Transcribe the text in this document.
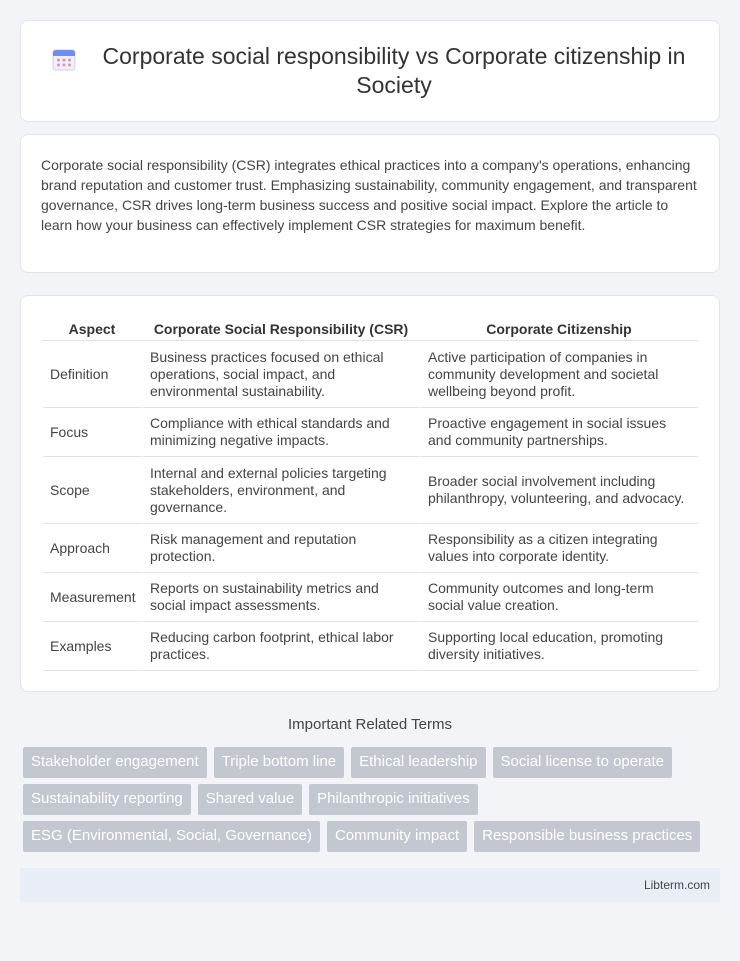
Corporate social responsibility vs Corporate citizenship in Society

Corporate social responsibility (CSR) integrates ethical practices into a company's operations, enhancing brand reputation and customer trust. Emphasizing sustainability, community engagement, and transparent governance, CSR drives long-term business success and positive social impact. Explore the article to learn how your business can effectively implement CSR strategies for maximum benefit.

Aspect	Corporate Social Responsibility (CSR)	Corporate Citizenship
Definition	Business practices focused on ethical operations, social impact, and environmental sustainability.	Active participation of companies in community development and societal wellbeing beyond profit.
Focus	Compliance with ethical standards and minimizing negative impacts.	Proactive engagement in social issues and community partnerships.
Scope	Internal and external policies targeting stakeholders, environment, and governance.	Broader social involvement including philanthropy, volunteering, and advocacy.
Approach	Risk management and reputation protection.	Responsibility as a citizen integrating values into corporate identity.
Measurement	Reports on sustainability metrics and social impact assessments.	Community outcomes and long-term social value creation.
Examples	Reducing carbon footprint, ethical labor practices.	Supporting local education, promoting diversity initiatives.
Important Related Terms
Stakeholder engagement	Triple bottom line	Ethical leadership	Social license to operate
Sustainability reporting	Shared value	Philanthropic initiatives
ESG (Environmental, Social, Governance)	Community impact	Responsible business practices
Libterm.com
